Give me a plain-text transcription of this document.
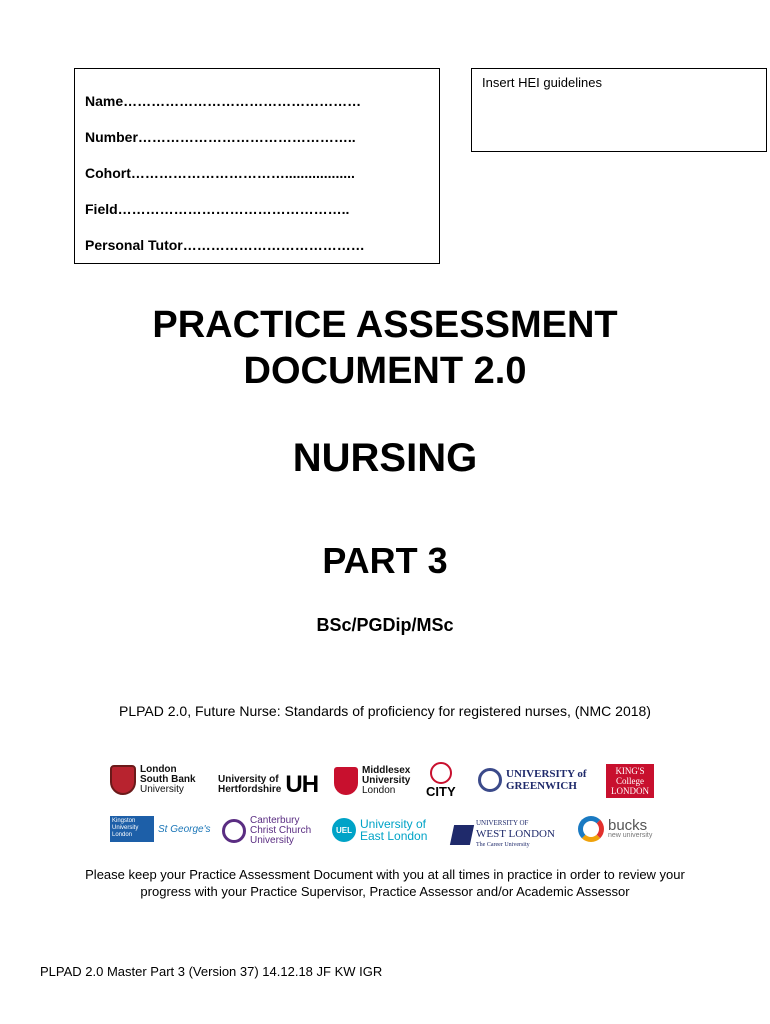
Name……………………………………………
Number………………………………………..
Cohort……………………………..................
Field…………………………………………..
Personal Tutor…………………………………
Insert HEI guidelines
PRACTICE ASSESSMENT
DOCUMENT 2.0
NURSING
PART 3
BSc/PGDip/MSc
PLPAD 2.0, Future Nurse: Standards of proficiency for registered nurses, (NMC 2018)
London
South Bank
University
University of
Hertfordshire UH
Middlesex
University
London	CITY
UNIVERSITY of
GREENWICH
KING'S
College
LONDON
Kingston University London
St George's
Canterbury
Christ Church
University
UEL University of
East London
UNIVERSITY OF
WEST LONDON
The Career University
bucks
new university
Please keep your Practice Assessment Document with you at all times in practice in order to review your
progress with your Practice Supervisor, Practice Assessor and/or Academic Assessor
PLPAD 2.0 Master Part 3 (Version 37) 14.12.18 JF KW IGR
